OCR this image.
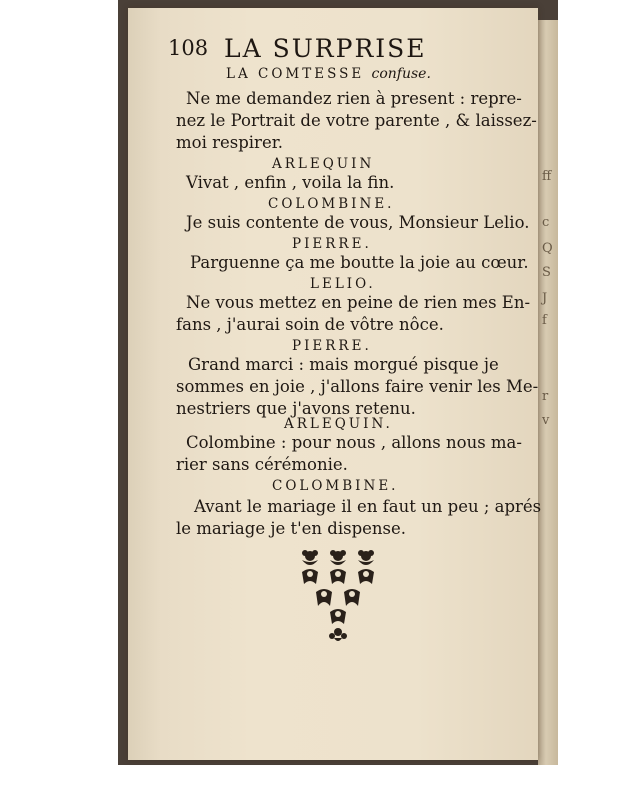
ff
c
Q
S
J
f
r
v
108 LA SURPRISE
LA COMTESSE confuse.
Ne me demandez rien à present : repre-
nez le Portrait de votre parente , & laissez-
moi respirer.
ARLEQUIN
Vivat , enfin , voila la fin.
COLOMBINE.
Je suis contente de vous, Monsieur Lelio.
PIERRE.
Parguenne ça me boutte la joie au cœur.
LELIO.
Ne vous mettez en peine de rien mes En-
fans , j'aurai soin de vôtre nôce.
PIERRE.
Grand marci : mais morgué pisque je
sommes en joie , j'allons faire venir les Me-
nestriers que j'avons retenu.
ARLEQUIN.
Colombine : pour nous , allons nous ma-
rier sans cérémonie.
COLOMBINE.
Avant le mariage il en faut un peu ; aprés
le mariage je t'en dispense.
